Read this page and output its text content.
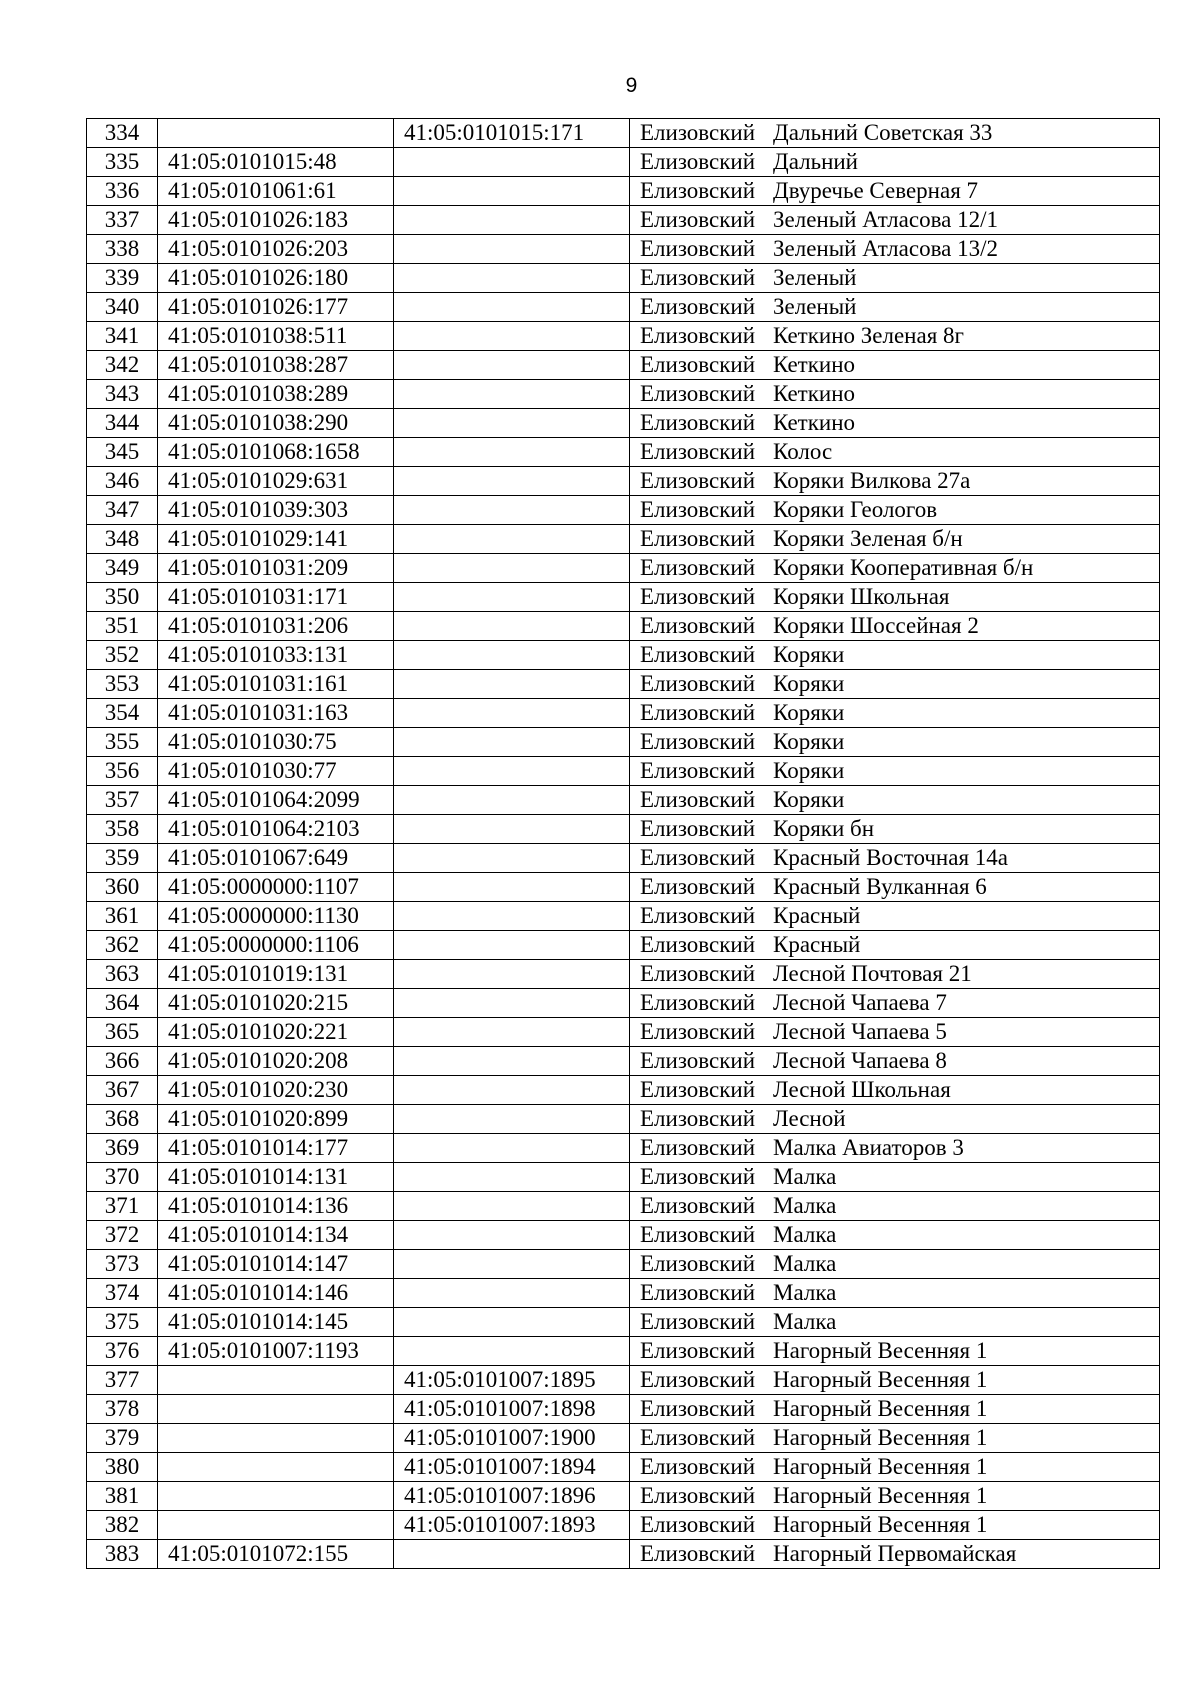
9
334		41:05:0101015:171	Елизовский Дальний Советская 33
335	41:05:0101015:48		Елизовский Дальний
336	41:05:0101061:61		Елизовский Двуречье Северная 7
337	41:05:0101026:183		Елизовский Зеленый Атласова 12/1
338	41:05:0101026:203		Елизовский Зеленый Атласова 13/2
339	41:05:0101026:180		Елизовский Зеленый
340	41:05:0101026:177		Елизовский Зеленый
341	41:05:0101038:511		Елизовский Кеткино Зеленая 8г
342	41:05:0101038:287		Елизовский Кеткино
343	41:05:0101038:289		Елизовский Кеткино
344	41:05:0101038:290		Елизовский Кеткино
345	41:05:0101068:1658		Елизовский Колос
346	41:05:0101029:631		Елизовский Коряки Вилкова 27а
347	41:05:0101039:303		Елизовский Коряки Геологов
348	41:05:0101029:141		Елизовский Коряки Зеленая б/н
349	41:05:0101031:209		Елизовский Коряки Кооперативная б/н
350	41:05:0101031:171		Елизовский Коряки Школьная
351	41:05:0101031:206		Елизовский Коряки Шоссейная 2
352	41:05:0101033:131		Елизовский Коряки
353	41:05:0101031:161		Елизовский Коряки
354	41:05:0101031:163		Елизовский Коряки
355	41:05:0101030:75		Елизовский Коряки
356	41:05:0101030:77		Елизовский Коряки
357	41:05:0101064:2099		Елизовский Коряки
358	41:05:0101064:2103		Елизовский Коряки бн
359	41:05:0101067:649		Елизовский Красный Восточная 14а
360	41:05:0000000:1107		Елизовский Красный Вулканная 6
361	41:05:0000000:1130		Елизовский Красный
362	41:05:0000000:1106		Елизовский Красный
363	41:05:0101019:131		Елизовский Лесной Почтовая 21
364	41:05:0101020:215		Елизовский Лесной Чапаева 7
365	41:05:0101020:221		Елизовский Лесной Чапаева 5
366	41:05:0101020:208		Елизовский Лесной Чапаева 8
367	41:05:0101020:230		Елизовский Лесной Школьная
368	41:05:0101020:899		Елизовский Лесной
369	41:05:0101014:177		Елизовский Малка Авиаторов 3
370	41:05:0101014:131		Елизовский Малка
371	41:05:0101014:136		Елизовский Малка
372	41:05:0101014:134		Елизовский Малка
373	41:05:0101014:147		Елизовский Малка
374	41:05:0101014:146		Елизовский Малка
375	41:05:0101014:145		Елизовский Малка
376	41:05:0101007:1193		Елизовский Нагорный Весенняя 1
377		41:05:0101007:1895	Елизовский Нагорный Весенняя 1
378		41:05:0101007:1898	Елизовский Нагорный Весенняя 1
379		41:05:0101007:1900	Елизовский Нагорный Весенняя 1
380		41:05:0101007:1894	Елизовский Нагорный Весенняя 1
381		41:05:0101007:1896	Елизовский Нагорный Весенняя 1
382		41:05:0101007:1893	Елизовский Нагорный Весенняя 1
383	41:05:0101072:155		Елизовский Нагорный Первомайская
